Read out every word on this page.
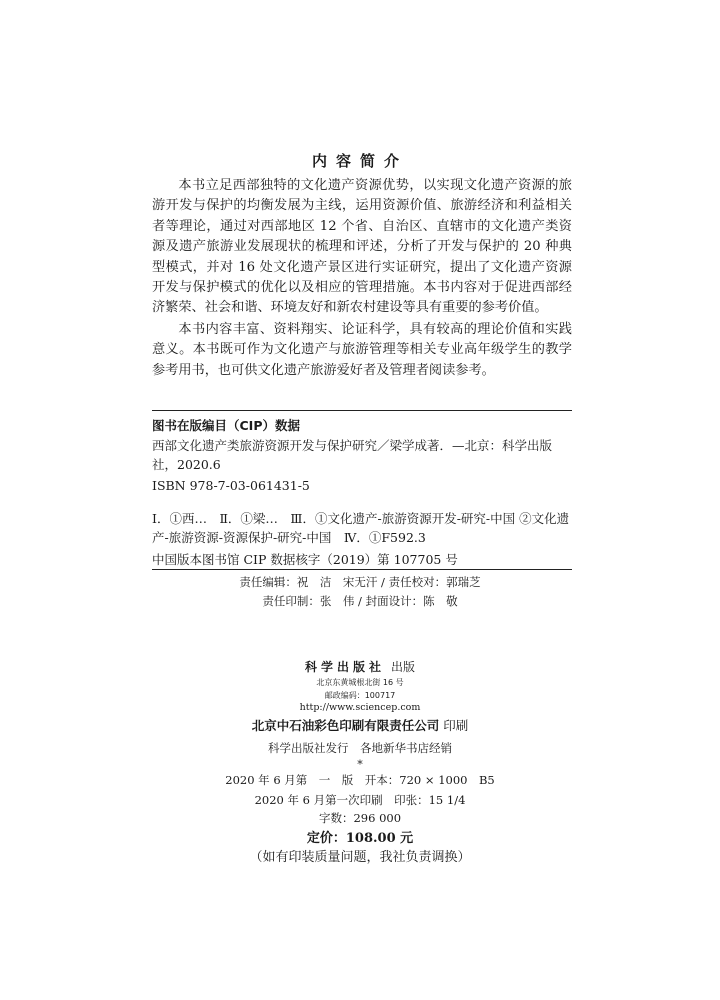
内容简介

本书立足西部独特的文化遗产资源优势，以实现文化遗产资源的旅游开发与保护的均衡发展为主线，运用资源价值、旅游经济和利益相关者等理论，通过对西部地区 12 个省、自治区、直辖市的文化遗产类资源及遗产旅游业发展现状的梳理和评述，分析了开发与保护的 20 种典型模式，并对 16 处文化遗产景区进行实证研究，提出了文化遗产资源开发与保护模式的优化以及相应的管理措施。本书内容对于促进西部经济繁荣、社会和谐、环境友好和新农村建设等具有重要的参考价值。

本书内容丰富、资料翔实、论证科学，具有较高的理论价值和实践意义。本书既可作为文化遗产与旅游管理等相关专业高年级学生的教学参考用书，也可供文化遗产旅游爱好者及管理者阅读参考。

图书在版编目（CIP）数据
西部文化遗产类旅游资源开发与保护研究／梁学成著．—北京：科学出版社，2020.6
ISBN 978-7-03-061431-5
Ⅰ．①西…　Ⅱ．①梁…　Ⅲ．①文化遗产-旅游资源开发-研究-中国 ②文化遗产-旅游资源-资源保护-研究-中国　Ⅳ．①F592.3
中国版本图书馆 CIP 数据核字（2019）第 107705 号
责任编辑：祝　洁　宋无汗 / 责任校对：郭瑞芝
责任印制：张　伟 / 封面设计：陈　敬
科学出版社 出版
北京东黄城根北街 16 号
邮政编码：100717
http://www.sciencep.com
北京中石油彩色印刷有限责任公司 印刷
科学出版社发行　各地新华书店经销
*
2020 年 6 月第　一　版　开本：720 × 1000　B5
2020 年 6 月第一次印刷　印张：15 1/4
字数：296 000
定价：108.00 元
（如有印装质量问题，我社负责调换）
